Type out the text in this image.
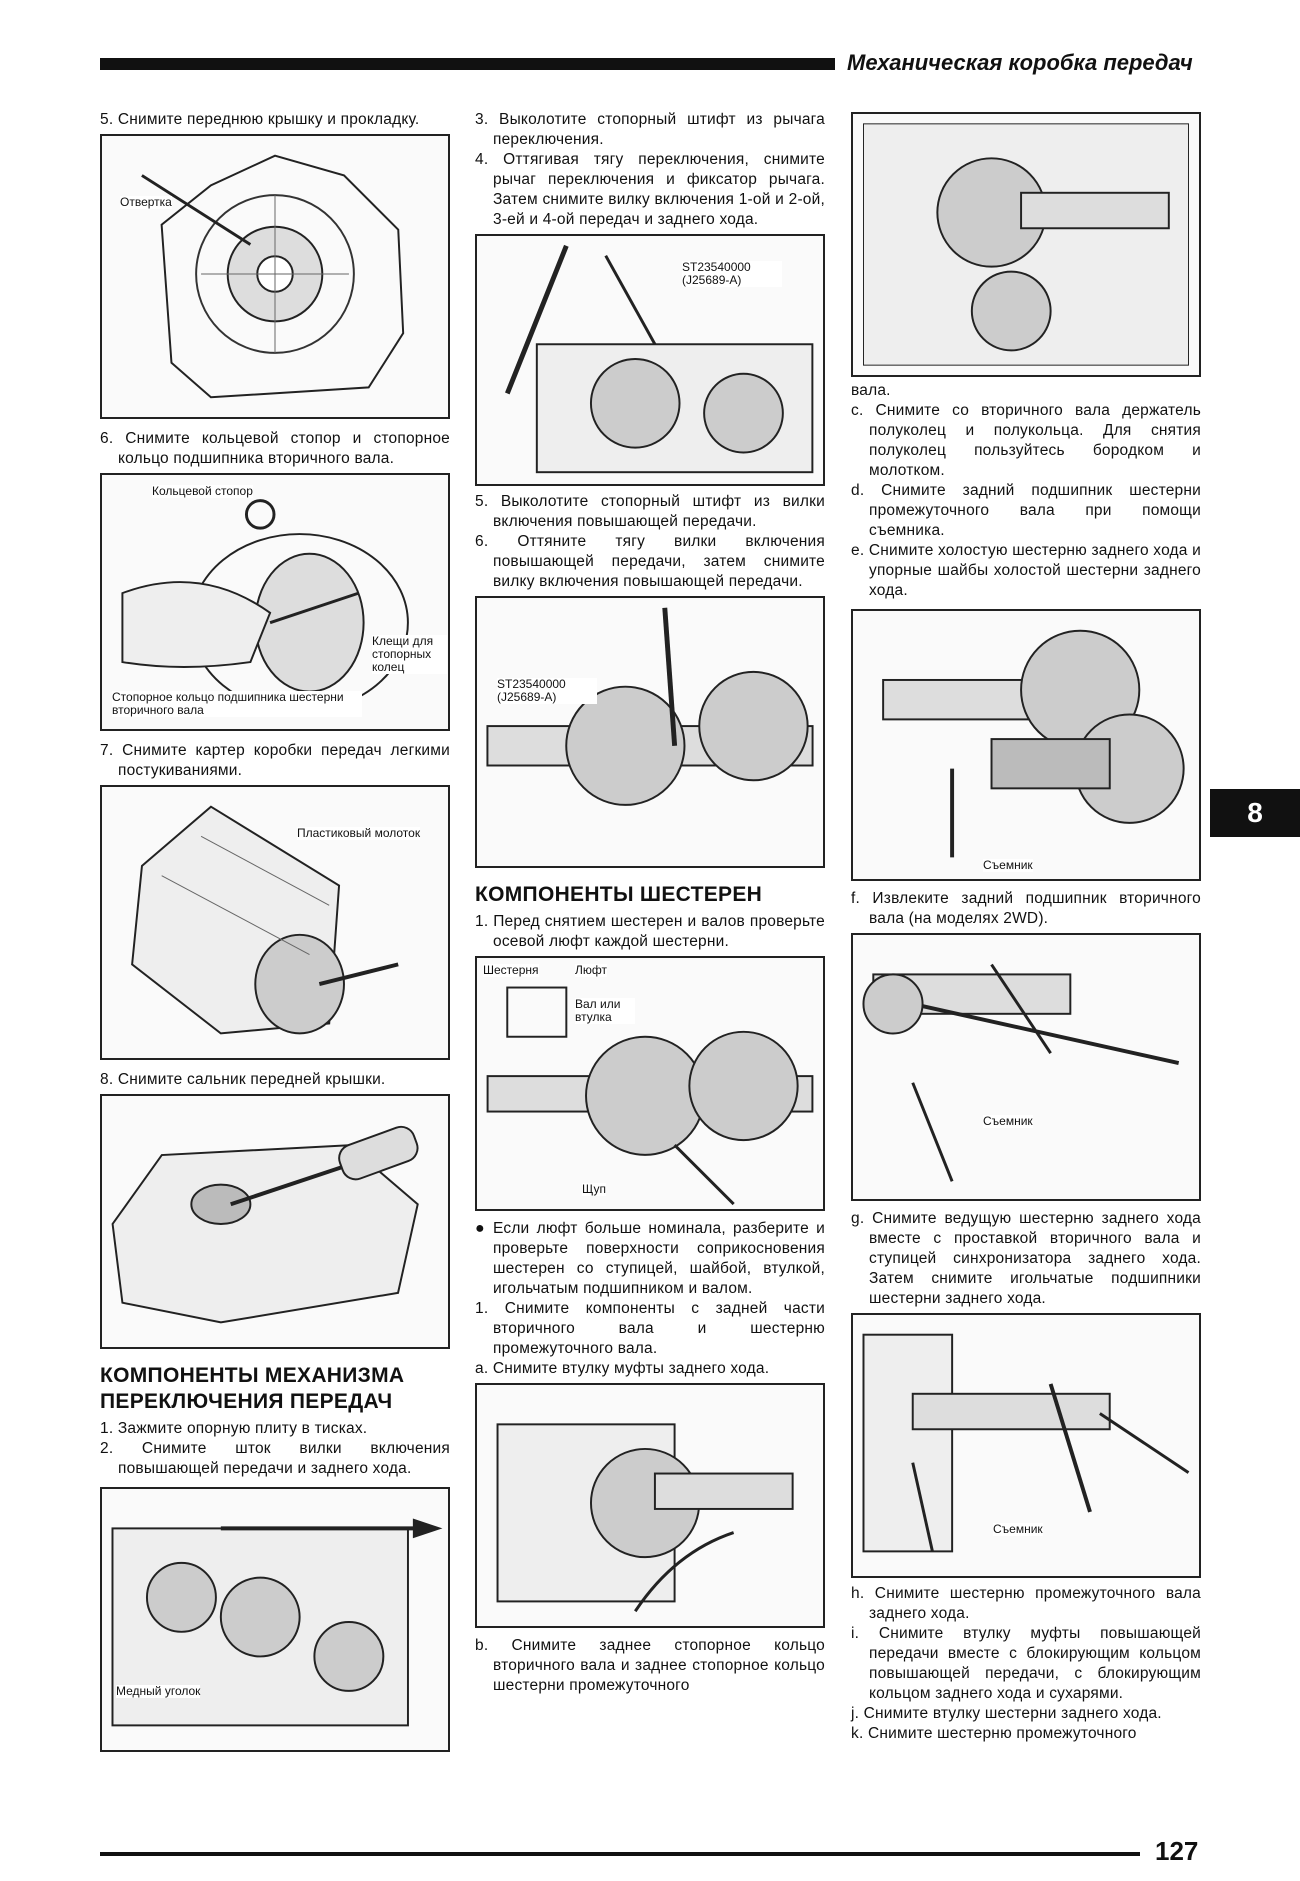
Механическая коробка передач
8

5. Снимите переднюю крышку и прокладку.

Отвертка

6. Снимите кольцевой стопор и стопорное кольцо подшипника вторичного вала.

Кольцевой стопор
Клещи для стопорных колец
Стопорное кольцо подшипника шестерни вторичного вала

7. Снимите картер коробки передач легкими постукиваниями.

Пластиковый молоток

8. Снимите сальник передней крышки.

КОМПОНЕНТЫ МЕХАНИЗМА ПЕРЕКЛЮЧЕНИЯ ПЕРЕДАЧ

1. Зажмите опорную плиту в тисках.

2. Снимите шток вилки включения повышающей передачи и заднего хода.

Медный уголок

3. Выколотите стопорный штифт из рычага переключения.

4. Оттягивая тягу переключения, снимите рычаг переключения и фиксатор рычага. Затем снимите вилку включения 1-ой и 2-ой, 3-ей и 4-ой передач и заднего хода.

ST23540000 (J25689-A)

5. Выколотите стопорный штифт из вилки включения повышающей передачи.

6. Оттяните тягу вилки включения повышающей передачи, затем снимите вилку включения повышающей передачи.

ST23540000 (J25689-A)

КОМПОНЕНТЫ ШЕСТЕРЕН

1. Перед снятием шестерен и валов проверьте осевой люфт каждой шестерни.

Шестерня	Люфт
Вал или втулка
Щуп
● Если люфт больше номинала, разберите и проверьте поверхности соприкосновения шестерен со ступицей, шайбой, втулкой, игольчатым подшипником и валом.

1. Снимите компоненты с задней части вторичного вала и шестерню промежуточного вала.

a. Снимите втулку муфты заднего хода.

b. Снимите заднее стопорное кольцо вторичного вала и заднее стопорное кольцо шестерни промежуточного

вала.

c. Снимите со вторичного вала держатель полуколец и полукольца. Для снятия полуколец пользуйтесь бородком и молотком.

d. Снимите задний подшипник шестерни промежуточного вала при помощи съемника.

e. Снимите холостую шестерню заднего хода и упорные шайбы холостой шестерни заднего хода.

Съемник

f. Извлеките задний подшипник вторичного вала (на моделях 2WD).

Съемник

g. Снимите ведущую шестерню заднего хода вместе с проставкой вторичного вала и ступицей синхронизатора заднего хода. Затем снимите игольчатые подшипники шестерни заднего хода.

Съемник

h. Снимите шестерню промежуточного вала заднего хода.

i. Снимите втулку муфты повышающей передачи вместе с блокирующим кольцом повышающей передачи, с блокирующим кольцом заднего хода и сухарями.

j. Снимите втулку шестерни заднего хода.

k. Снимите шестерню промежуточного

127
